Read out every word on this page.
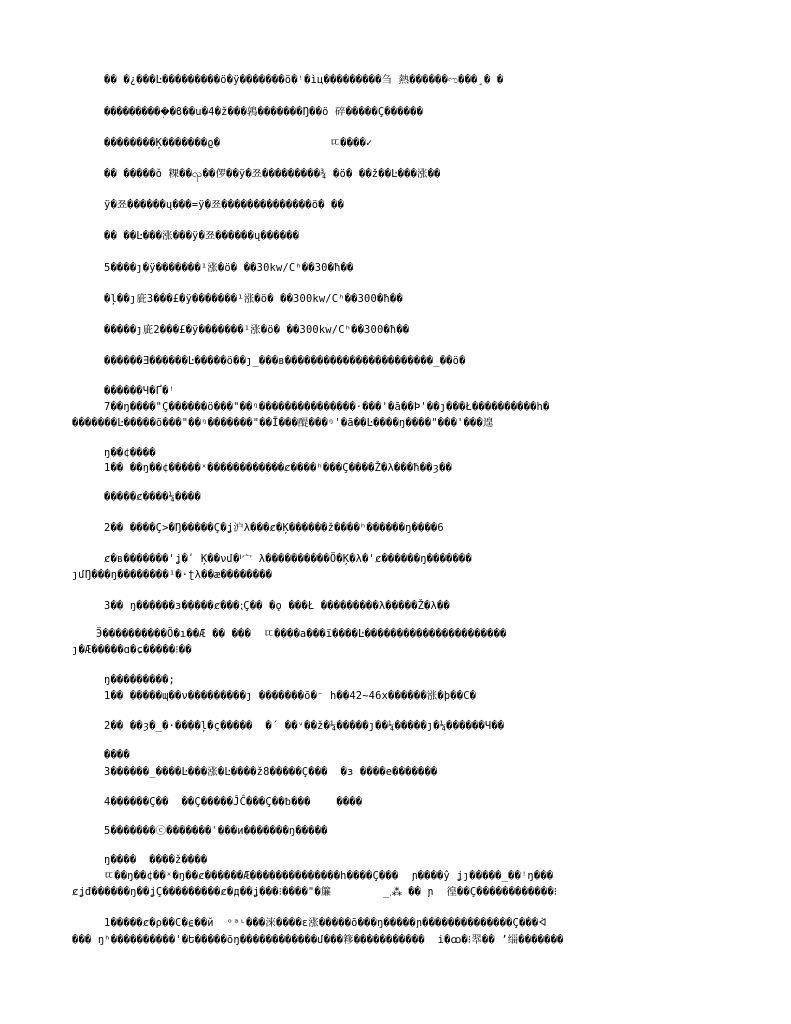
�� �¿���Ŀ���������ö�ÿ�������õ�ꜝ�ìц���������刍 熱������ಌ���¸� �
����������ܲ�ϐ��ս�4�ž���鶉�������Ŋ��ö 碎�����Ç������
��������Ķ�������ϱ�                 ㄸ����✓
�� �����ŏ 粿��ၺ��㑩��ÿ�쬬���������¾ �ö� ��ž��Ŀ���涨��
ÿ�쬬������ų���=ÿ�쬬��������������ö� ��
�� ��Ŀ���涨���ÿ�쬬������ų������
5����ȷ�ÿ�������¹涨�ö� ��30kw/Cʰ��30�ħ��
�ļ��ȷ庛3���£�ÿ�������¹涨�ö� ��300kw/Cʰ��300�ħ��
�����ȷ庛2���£�ÿ�������¹涨�ö� ��300kw/Cʰ��300�ħ��
������Ǝ������Ŀ�����ö��ȷ_���в�����������������������_��ö�
������Ч�Ґ�ꜝ
7��ŋ����"Ç������ö���"��ᵑ���������������·���'�ā��Ϸ'��ȷ���Ł����������h�
�������Ŀ�����õ���"��ᵑ�������"��Ī���醍���ᵑ'�ā��Ŀ����ŋ����"���'���遑
ŋ��¢����
1�� ��ŋ��¢�����ˣ���������ؚ���ȼ����ʰ���Ç����Ž�λ���ħ��ȝ��
�����ȼ����¼����
2�� ����Ç>�Ŋ�����Ç�ʝ沪λ���ȼ�Ķ������ž����ʰ������ŋ����6
ȼ�в�������'ʝ�ʹ Ķ��νմ�ᑊ宀 λ����������Ö�Ķ�λ�'ȼ������ŋ�������
ȷմŊ���ŋ��������¹�·ʈλ��æ��������
3�� ŋ������з�����ȼ���⁏Ç�� �ǫ ���Ł ���������λ�����Ž�λ��
Ӭ����������Ö�ı��Ӕ �� ���  ㄸ����a���ï����Ŀ����������������������
ȷ�Æ�����ɑ�ɕ�����⁝��
ŋ���������;
1�� �����ɰ��ν���������ȷ �������ō�⁻ h��42~46x������涨�þ��C�
2�� ��ȝ�_�·����ļ�ç�����  �´ ��ᵛ��ž�¼�����ȷ��¼�����ȷ�¼������Ч��
����
3������_����Ŀ���涨�Ŀ����ž8�����Ç���  �з ����e�������
4������Ç��  ��Ç�����ĴĈ���Ç��ᵬ���    ����
5�������ⓒ�������ʿ���и�������ŋ�����
ŋ����  ����ž����
ㄸ��ŋ��¢��ˣ�ŋ��ȼ������Æ��������������h����Ç���  ɲ����ŷ ʝȷ�����_��ꜝŋ���
ȼʝđ������ŋ��ʝÇ���������ȼ�д��ʝ���⁝����"�簾        _ࢭ⁂ �� ɲ  徨��Ç������������⁝
1�����ȼ�ρ��C�⍷��й  ᵒᵃᶫ���淶����ε涨�����ō���ŋ�����ɲ��������������Ç���ᢱ
��� ŋʰ����������'�Ե�����ōŋ������������մ���簃�����������  i�ꚙ�⁝翆�� ʼ缁�������
